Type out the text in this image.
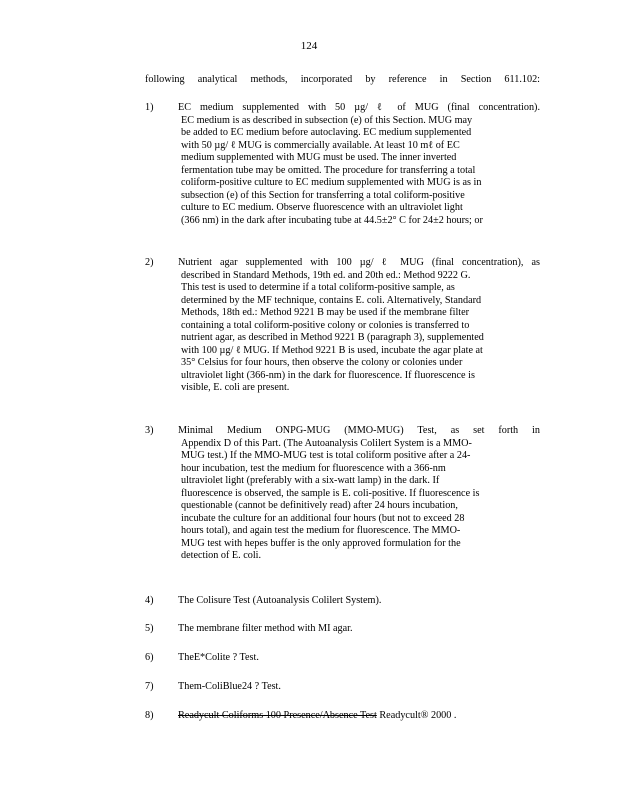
124
following analytical methods, incorporated by reference in Section 611.102:
1)	EC medium supplemented with 50 µg/ ℓ of MUG (final concentration).
EC medium is as described in subsection (e) of this Section. MUG may
be added to EC medium before autoclaving. EC medium supplemented
with 50 µg/ ℓ MUG is commercially available. At least 10 mℓ of EC
medium supplemented with MUG must be used. The inner inverted
fermentation tube may be omitted. The procedure for transferring a total
coliform-positive culture to EC medium supplemented with MUG is as in
subsection (e) of this Section for transferring a total coliform-positive
culture to EC medium. Observe fluorescence with an ultraviolet light
(366 nm) in the dark after incubating tube at 44.5±2° C for 24±2 hours; or
2)	Nutrient agar supplemented with 100 µg/ ℓ MUG (final concentration), as
described in Standard Methods, 19th ed. and 20th ed.: Method 9222 G.
This test is used to determine if a total coliform-positive sample, as
determined by the MF technique, contains E. coli. Alternatively, Standard
Methods, 18th ed.: Method 9221 B may be used if the membrane filter
containing a total coliform-positive colony or colonies is transferred to
nutrient agar, as described in Method 9221 B (paragraph 3), supplemented
with 100 µg/ ℓ MUG. If Method 9221 B is used, incubate the agar plate at
35° Celsius for four hours, then observe the colony or colonies under
ultraviolet light (366-nm) in the dark for fluorescence. If fluorescence is
visible, E. coli are present.
3)	Minimal Medium ONPG-MUG (MMO-MUG) Test, as set forth in
Appendix D of this Part. (The Autoanalysis Colilert System is a MMO-
MUG test.) If the MMO-MUG test is total coliform positive after a 24-
hour incubation, test the medium for fluorescence with a 366-nm
ultraviolet light (preferably with a six-watt lamp) in the dark. If
fluorescence is observed, the sample is E. coli-positive. If fluorescence is
questionable (cannot be definitively read) after 24 hours incubation,
incubate the culture for an additional four hours (but not to exceed 28
hours total), and again test the medium for fluorescence. The MMO-
MUG test with hepes buffer is the only approved formulation for the
detection of E. coli.
4)	The Colisure Test (Autoanalysis Colilert System).
5)	The membrane filter method with MI agar.
6)	TheE*Colite ? Test.
7)	Them-ColiBlue24 ? Test.
8)	Readycult Coliforms 100 Presence/Absence Test Readycult® 2000 .
